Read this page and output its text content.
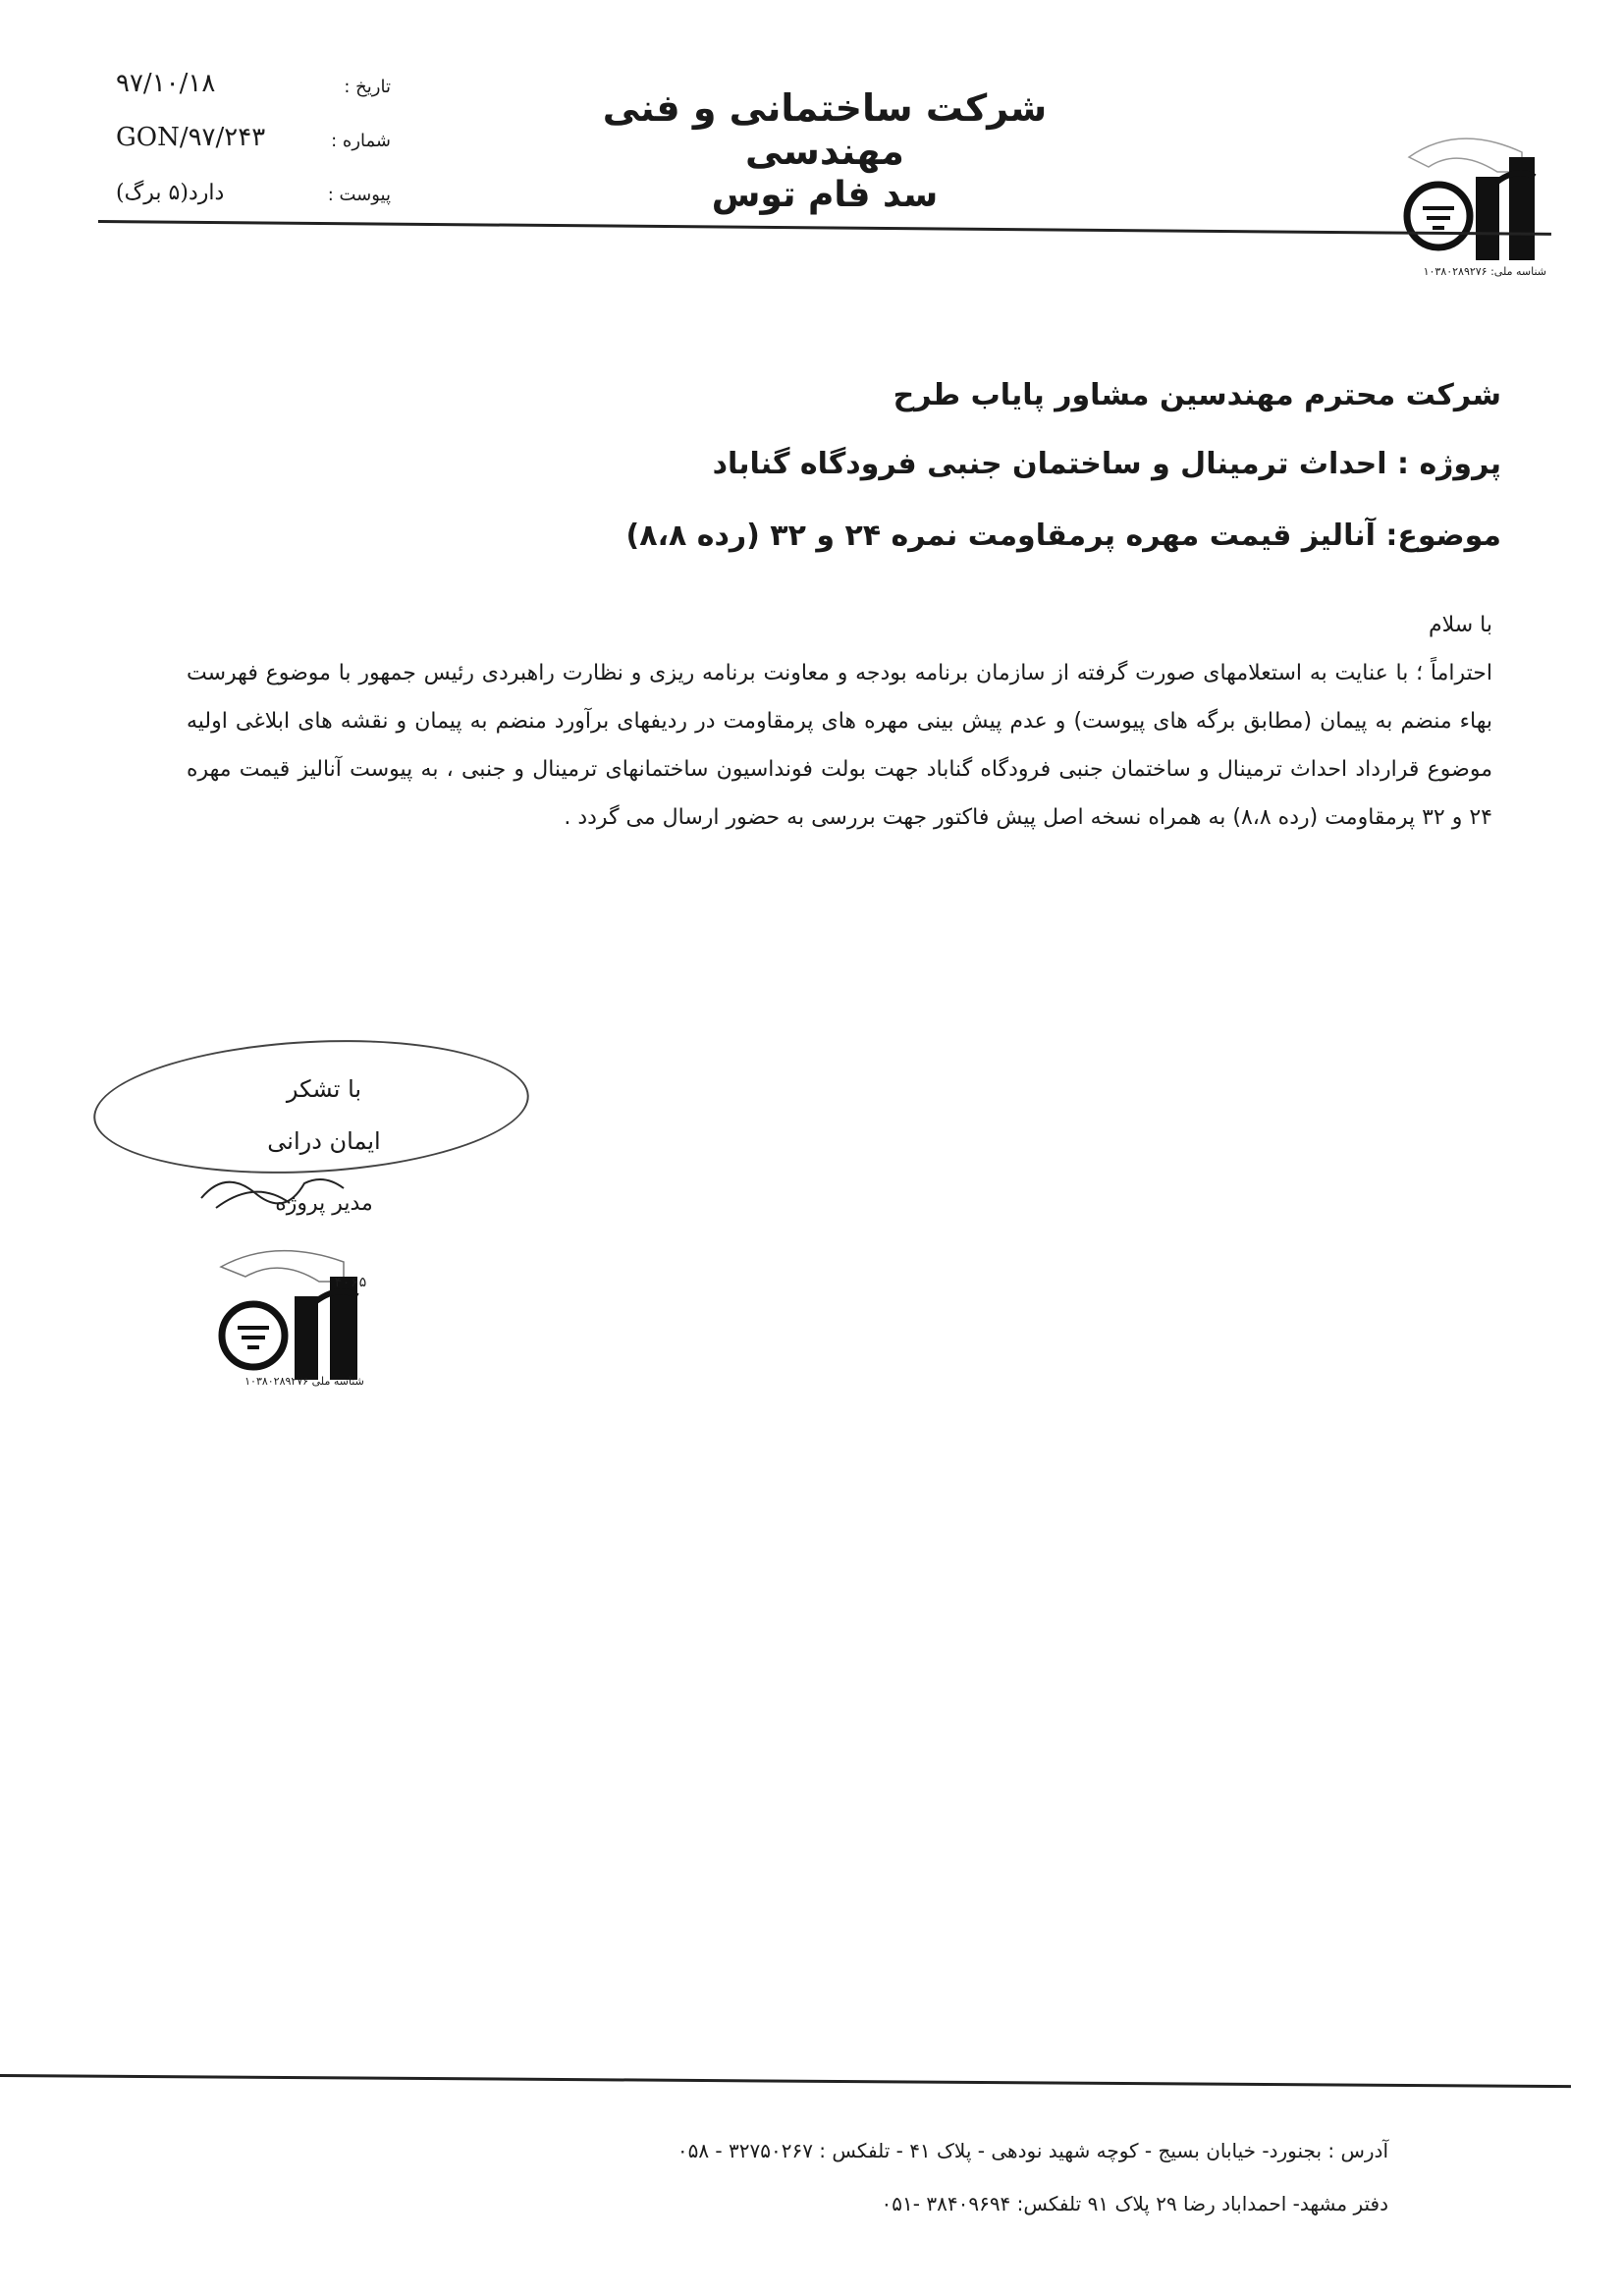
تاریخ :
۹۷/۱۰/۱۸
شماره :
GON/۹۷/۲۴۳
پیوست :
دارد(۵ برگ)
شرکت ساختمانی و فنی مهندسی
سد فام توس
شناسه ملی: ۱۰۳۸۰۲۸۹۲۷۶
شرکت محترم مهندسین مشاور پایاب طرح
پروژه : احداث ترمینال و ساختمان جنبی فرودگاه گناباد
موضوع: آنالیز قیمت مهره پرمقاومت نمره ۲۴ و ۳۲ (رده ۸،۸)

با سلام

احتراماً ؛ با عنایت به استعلامهای صورت گرفته از سازمان برنامه بودجه و معاونت برنامه ریزی و نظارت راهبردی رئیس جمهور با موضوع فهرست بهاء منضم به پیمان (مطابق برگه های پیوست) و عدم پیش بینی مهره های پرمقاومت در ردیفهای برآورد منضم به پیمان و نقشه های ابلاغی اولیه موضوع قرارداد احداث ترمینال و ساختمان جنبی فرودگاه گناباد جهت بولت فونداسیون ساختمانهای ترمینال و جنبی ، به پیوست آنالیز قیمت مهره ۲۴ و ۳۲ پرمقاومت (رده ۸،۸) به همراه نسخه اصل پیش فاکتور جهت بررسی به حضور ارسال می گردد .

با تشکر
ایمان درانی
مدیر پروژه
۴۰۶۵
شناسه ملی ۱۰۳۸۰۲۸۹۲۷۶
آدرس : بجنورد- خیابان بسیج - کوچه شهید نودهی - پلاک ۴۱ - تلفکس : ۳۲۷۵۰۲۶۷ - ۰۵۸
دفتر مشهد- احمداباد رضا ۲۹ پلاک ۹۱ تلفکس: ۳۸۴۰۹۶۹۴ -۰۵۱
